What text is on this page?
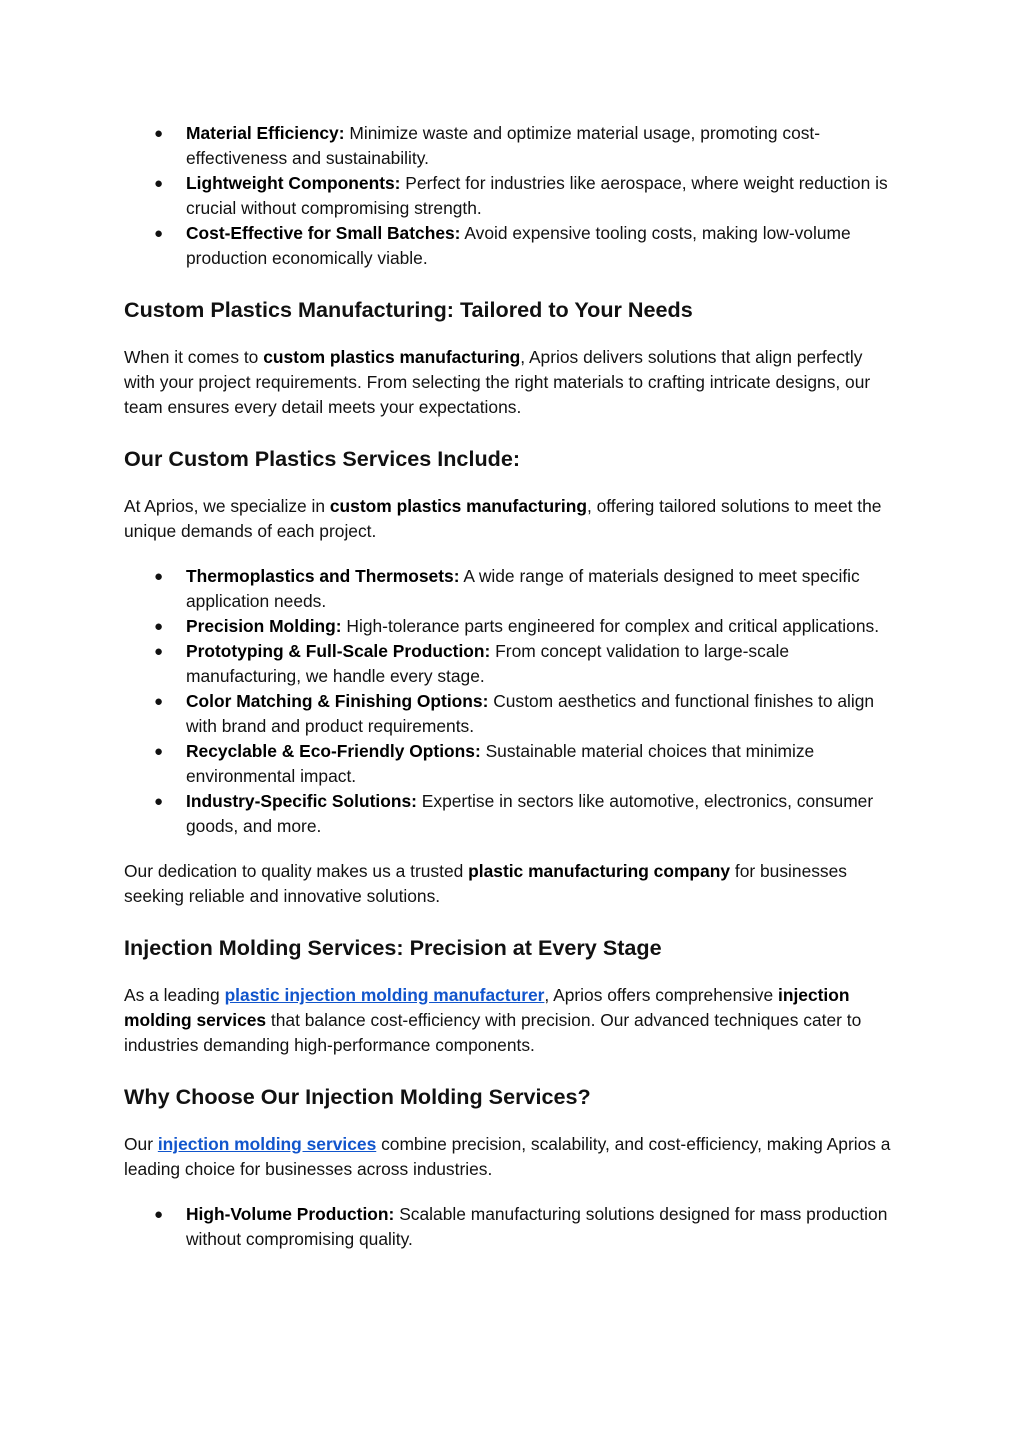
● Material Efficiency: Minimize waste and optimize material usage, promoting cost-effectiveness and sustainability.
● Lightweight Components: Perfect for industries like aerospace, where weight reduction is crucial without compromising strength.
● Cost-Effective for Small Batches: Avoid expensive tooling costs, making low-volume production economically viable.
Custom Plastics Manufacturing: Tailored to Your Needs

When it comes to custom plastics manufacturing, Aprios delivers solutions that align perfectly with your project requirements. From selecting the right materials to crafting intricate designs, our team ensures every detail meets your expectations.

Our Custom Plastics Services Include:

At Aprios, we specialize in custom plastics manufacturing, offering tailored solutions to meet the unique demands of each project.

● Thermoplastics and Thermosets: A wide range of materials designed to meet specific application needs.
● Precision Molding: High-tolerance parts engineered for complex and critical applications.
● Prototyping & Full-Scale Production: From concept validation to large-scale manufacturing, we handle every stage.
● Color Matching & Finishing Options: Custom aesthetics and functional finishes to align with brand and product requirements.
● Recyclable & Eco-Friendly Options: Sustainable material choices that minimize environmental impact.
● Industry-Specific Solutions: Expertise in sectors like automotive, electronics, consumer goods, and more.

Our dedication to quality makes us a trusted plastic manufacturing company for businesses seeking reliable and innovative solutions.

Injection Molding Services: Precision at Every Stage

As a leading plastic injection molding manufacturer, Aprios offers comprehensive injection molding services that balance cost-efficiency with precision. Our advanced techniques cater to industries demanding high-performance components.

Why Choose Our Injection Molding Services?

Our injection molding services combine precision, scalability, and cost-efficiency, making Aprios a leading choice for businesses across industries.

● High-Volume Production: Scalable manufacturing solutions designed for mass production without compromising quality.
